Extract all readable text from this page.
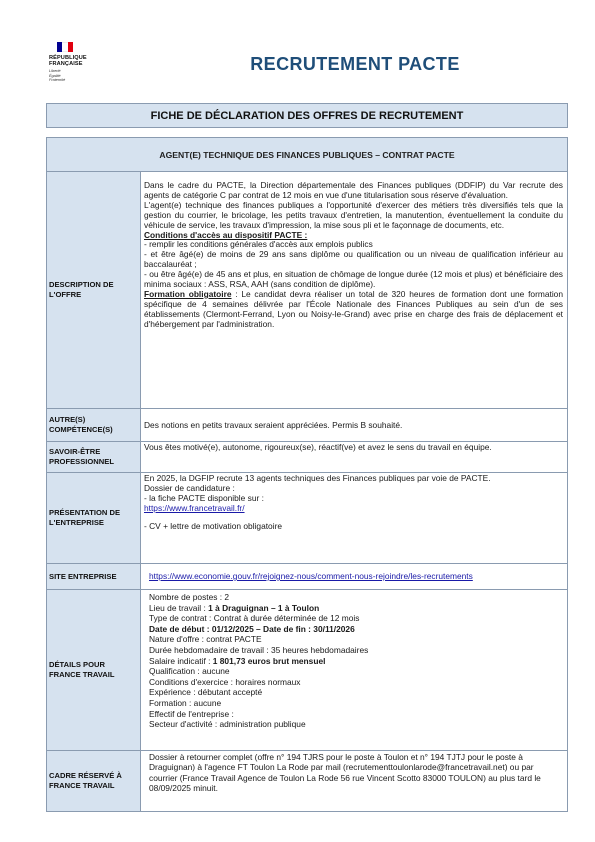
RÉPUBLIQUE
FRANÇAISE
Liberté
Égalité
Fraternité
RECRUTEMENT PACTE
FICHE DE DÉCLARATION DES OFFRES DE RECRUTEMENT
AGENT(E) TECHNIQUE DES FINANCES PUBLIQUES – CONTRAT PACTE
DESCRIPTION DE L'OFFRE

Dans le cadre du PACTE, la Direction départementale des Finances publiques (DDFIP) du Var recrute des agents de catégorie C par contrat de 12 mois en vue d'une titularisation sous réserve d'évaluation.

L'agent(e) technique des finances publiques a l'opportunité d'exercer des métiers très diversifiés tels que la gestion du courrier, le bricolage, les petits travaux d'entretien, la manutention, éventuellement la conduite du véhicule de service, les travaux d'impression, la mise sous pli et le façonnage de documents, etc.

Conditions d'accès au dispositif PACTE :

- remplir les conditions générales d'accès aux emplois publics

- et être âgé(e) de moins de 29 ans sans diplôme ou qualification ou un niveau de qualification inférieur au baccalauréat ;

- ou être âgé(e) de 45 ans et plus, en situation de chômage de longue durée (12 mois et plus) et bénéficiaire des minima sociaux : ASS, RSA, AAH (sans condition de diplôme).

Formation obligatoire : Le candidat devra réaliser un total de 320 heures de formation dont une formation spécifique de 4 semaines délivrée par l'École Nationale des Finances Publiques au sein d'un de ses établissements (Clermont-Ferrand, Lyon ou Noisy-le-Grand) avec prise en charge des frais de déplacement et d'hébergement par l'administration.

AUTRE(S) COMPÉTENCE(S)	Des notions en petits travaux seraient appréciées. Permis B souhaité.

SAVOIR-ÊTRE PROFESSIONNEL

Vous êtes motivé(e), autonome, rigoureux(se), réactif(ve) et avez le sens du travail en équipe.

PRÉSENTATION DE L'ENTREPRISE

En 2025, la DGFIP recrute 13 agents techniques des Finances publiques par voie de PACTE.

Dossier de candidature :

- la fiche PACTE disponible sur :

https://www.francetravail.fr/

- CV + lettre de motivation obligatoire

SITE ENTREPRISE	https://www.economie.gouv.fr/rejoignez-nous/comment-nous-rejoindre/les-recrutements
DÉTAILS POUR FRANCE TRAVAIL

Nombre de postes : 2

Lieu de travail : 1 à Draguignan – 1 à Toulon

Type de contrat : Contrat à durée déterminée de 12 mois

Date de début : 01/12/2025 – Date de fin : 30/11/2026

Nature d'offre : contrat PACTE

Durée hebdomadaire de travail : 35 heures hebdomadaires

Salaire indicatif : 1 801,73 euros brut mensuel

Qualification : aucune

Conditions d'exercice : horaires normaux

Expérience : débutant accepté

Formation : aucune

Effectif de l'entreprise :

Secteur d'activité : administration publique

CADRE RÉSERVÉ À FRANCE TRAVAIL

Dossier à retourner complet (offre n° 194 TJRS pour le poste à Toulon et n° 194 TJTJ pour le poste à Draguignan) à l'agence FT Toulon La Rode par mail (recrutementtoulonlarode@francetravail.net) ou par courrier (France Travail Agence de Toulon La Rode 56 rue Vincent Scotto 83000 TOULON) au plus tard le 08/09/2025 minuit.
